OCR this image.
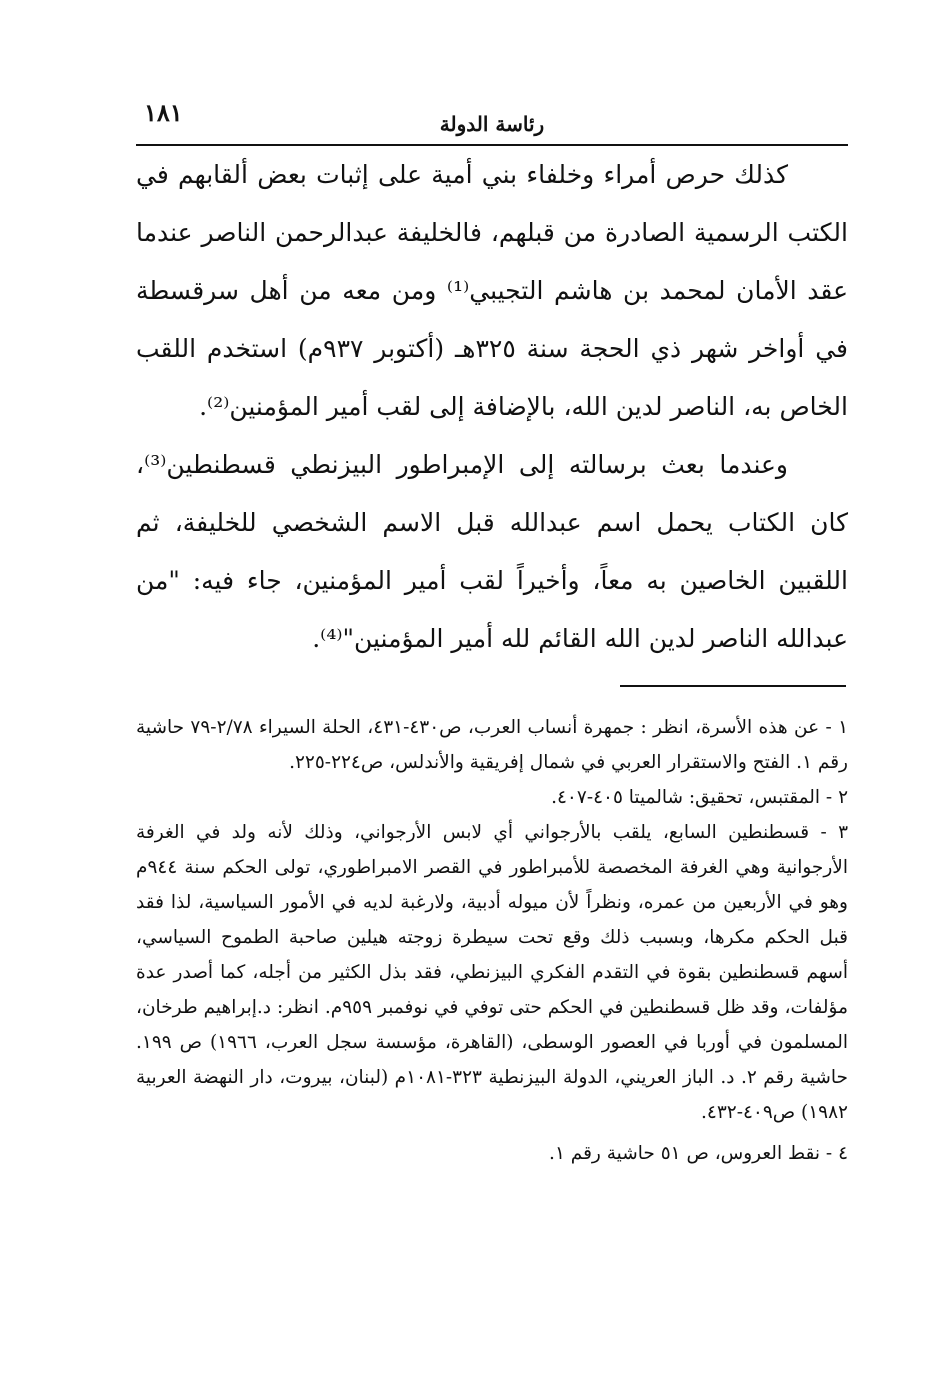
١٨١	رئاسة الدولة

كذلك حرص أمراء وخلفاء بني أمية على إثبات بعض ألقابهم في الكتب الرسمية الصادرة من قبلهم، فالخليفة عبدالرحمن الناصر عندما عقد الأمان لمحمد بن هاشم التجيبي⁽¹⁾ ومن معه من أهل سرقسطة في أواخر شهر ذي الحجة سنة ٣٢٥هـ (أكتوبر ٩٣٧م) استخدم اللقب الخاص به، الناصر لدين الله، بالإضافة إلى لقب أمير المؤمنين⁽²⁾.

وعندما بعث برسالته إلى الإمبراطور البيزنطي قسطنطين⁽³⁾، كان الكتاب يحمل اسم عبدالله قبل الاسم الشخصي للخليفة، ثم اللقبين الخاصين به معاً، وأخيراً لقب أمير المؤمنين، جاء فيه: "من عبدالله الناصر لدين الله القائم لله أمير المؤمنين"⁽⁴⁾.

١ - عن هذه الأسرة، انظر : جمهرة أنساب العرب، ص٤٣٠-٤٣١، الحلة السيراء ٢/٧٨-٧٩ حاشية رقم ١. الفتح والاستقرار العربي في شمال إفريقية والأندلس، ص٢٢٤-٢٢٥.

٢ - المقتبس، تحقيق: شالميتا ٤٠٥-٤٠٧.

٣ - قسطنطين السابع، يلقب بالأرجواني أي لابس الأرجواني، وذلك لأنه ولد في الغرفة الأرجوانية وهي الغرفة المخصصة للأمبراطور في القصر الامبراطوري، تولى الحكم سنة ٩٤٤م وهو في الأربعين من عمره، ونظراً لأن ميوله أدبية، ولارغبة لديه في الأمور السياسية، لذا فقد قبل الحكم مكرها، وبسبب ذلك وقع تحت سيطرة زوجته هيلين صاحبة الطموح السياسي، أسهم قسطنطين بقوة في التقدم الفكري البيزنطي، فقد بذل الكثير من أجله، كما أصدر عدة مؤلفات، وقد ظل قسطنطين في الحكم حتى توفي في نوفمبر ٩٥٩م. انظر: د.إبراهيم طرخان، المسلمون في أوربا في العصور الوسطى، (القاهرة، مؤسسة سجل العرب، ١٩٦٦) ص ١٩٩. حاشية رقم ٢. د. الباز العريني، الدولة البيزنطية ٣٢٣-١٠٨١م (لبنان، بيروت، دار النهضة العربية ١٩٨٢) ص٤٠٩-٤٣٢.

٤ - نقط العروس، ص ٥١ حاشية رقم ١.
